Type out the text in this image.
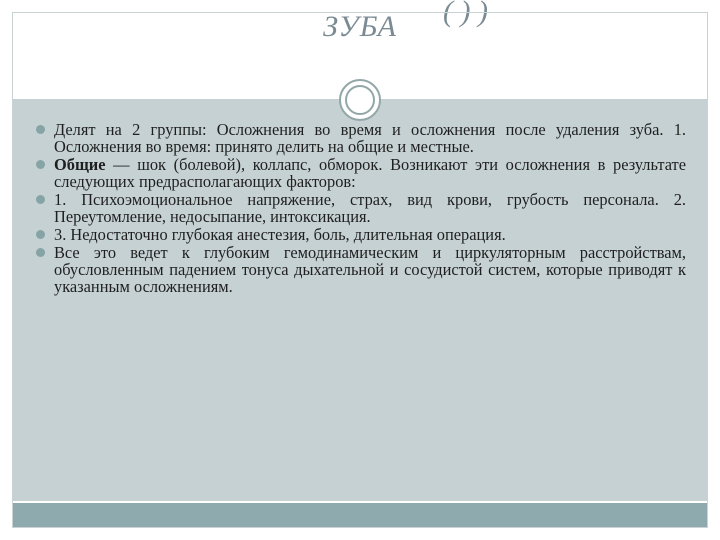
ЗУБА	( ) )
Делят на 2 группы: Осложнения во время и осложнения после удаления зуба. 1. Осложнения во время: принято делить на общие и местные.
Общие — шок (болевой), коллапс, обморок. Возникают эти осложнения в результате следующих предрасполагающих факторов:
1. Психоэмоциональное напряжение, страх, вид крови, грубость персонала. 2. Переутомление, недосыпание, интоксикация.
3. Недостаточно глубокая анестезия, боль, длительная операция.
Все это ведет к глубоким гемодинамическим и циркуляторным расстройствам, обусловленным падением тонуса дыхательной и сосудистой систем, которые приводят к указанным осложнениям.
